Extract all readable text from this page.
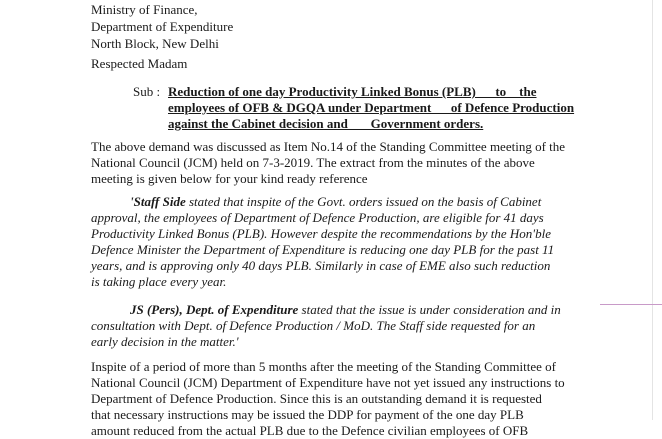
Ministry of Finance,
Department of Expenditure
North Block, New Delhi
Respected Madam
Sub : Reduction of one day Productivity Linked Bonus (PLB)      to    the
employees of OFB & DGQA under Department      of Defence Production
against the Cabinet decision and       Government orders.
The above demand was discussed as Item No.14 of the Standing Committee meeting of the
National Council (JCM) held on 7-3-2019. The extract from the minutes of the above
meeting is given below for your kind ready reference
'Staff Side stated that inspite of the Govt. orders issued on the basis of Cabinet
approval, the employees of Department of Defence Production, are eligible for 41 days
Productivity Linked Bonus (PLB). However despite the recommendations by the Hon'ble
Defence Minister the Department of Expenditure is reducing one day PLB for the past 11
years, and is approving only 40 days PLB. Similarly in case of EME also such reduction
is taking place every year.
JS (Pers), Dept. of Expenditure stated that the issue is under consideration and in
consultation with Dept. of Defence Production / MoD. The Staff side requested for an
early decision in the matter.'
Inspite of a period of more than 5 months after the meeting of the Standing Committee of
National Council (JCM) Department of Expenditure have not yet issued any instructions to
Department of Defence Production. Since this is an outstanding demand it is requested
that necessary instructions may be issued the DDP for payment of the one day PLB
amount reduced from the actual PLB due to the Defence civilian employees of OFB
